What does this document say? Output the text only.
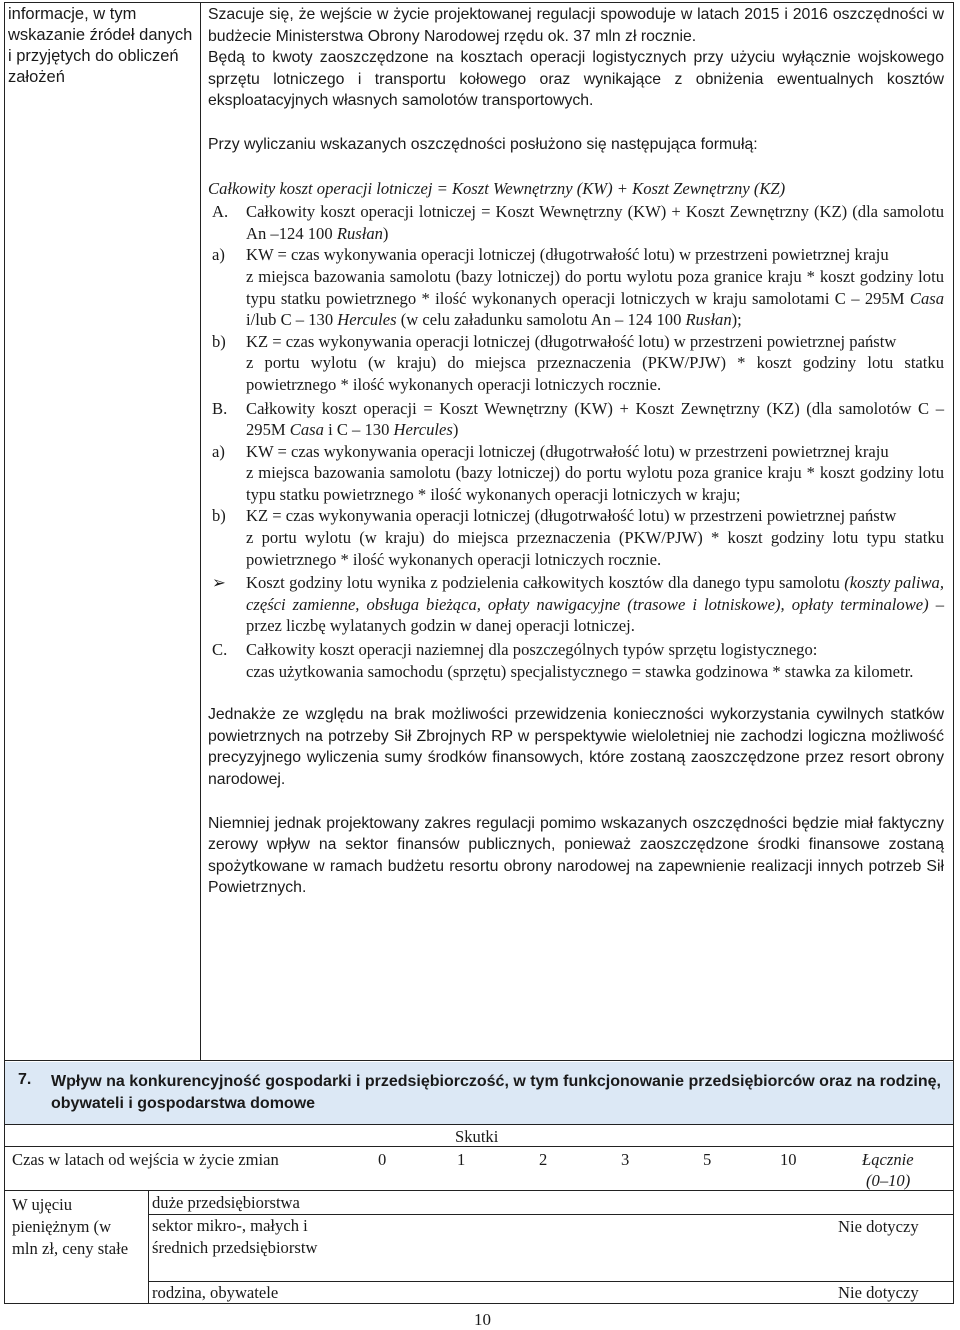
informacje, w tym wskazanie źródeł danych i przyjętych do obliczeń założeń

Szacuje się, że wejście w życie projektowanej regulacji spowoduje w latach 2015 i 2016 oszczędności w budżecie Ministerstwa Obrony Narodowej rzędu ok. 37 mln zł rocznie.

Będą to kwoty zaoszczędzone na kosztach operacji logistycznych przy użyciu wyłącznie wojskowego sprzętu lotniczego i transportu kołowego oraz wynikające z obniżenia ewentualnych kosztów eksploatacyjnych własnych samolotów transportowych.

Przy wyliczaniu wskazanych oszczędności posłużono się następująca formułą:

Całkowity koszt operacji lotniczej = Koszt Wewnętrzny (KW) + Koszt Zewnętrzny (KZ)

A.	Całkowity koszt operacji lotniczej = Koszt Wewnętrzny (KW) + Koszt Zewnętrzny (KZ) (dla samolotu An –124 100 Rusłan)
a)	KW = czas wykonywania operacji lotniczej (długotrwałość lotu) w przestrzeni powietrznej kraju
z miejsca bazowania samolotu (bazy lotniczej) do portu wylotu poza granice kraju * koszt godziny lotu typu statku powietrznego * ilość wykonanych operacji lotniczych w kraju samolotami C – 295M Casa i/lub C – 130 Hercules (w celu załadunku samolotu An – 124 100 Rusłan);
b)	KZ = czas wykonywania operacji lotniczej (długotrwałość lotu) w przestrzeni powietrznej państw
z portu wylotu (w kraju) do miejsca przeznaczenia (PKW/PJW) * koszt godziny lotu statku powietrznego * ilość wykonanych operacji lotniczych rocznie.
B.	Całkowity koszt operacji = Koszt Wewnętrzny (KW) + Koszt Zewnętrzny (KZ) (dla samolotów C – 295M Casa i C – 130 Hercules)
a)	KW = czas wykonywania operacji lotniczej (długotrwałość lotu) w przestrzeni powietrznej kraju
z miejsca bazowania samolotu (bazy lotniczej) do portu wylotu poza granice kraju * koszt godziny lotu typu statku powietrznego * ilość wykonanych operacji lotniczych w kraju;
b)	KZ = czas wykonywania operacji lotniczej (długotrwałość lotu) w przestrzeni powietrznej państw
z portu wylotu (w kraju) do miejsca przeznaczenia (PKW/PJW) * koszt godziny lotu typu statku powietrznego * ilość wykonanych operacji lotniczych rocznie.
➢	Koszt godziny lotu wynika z podzielenia całkowitych kosztów dla danego typu samolotu (koszty paliwa, części zamienne, obsługa bieżąca, opłaty nawigacyjne (trasowe i lotniskowe), opłaty terminalowe) – przez liczbę wylatanych godzin w danej operacji lotniczej.
C.	Całkowity koszt operacji naziemnej dla poszczególnych typów sprzętu logistycznego:
czas użytkowania samochodu (sprzętu) specjalistycznego = stawka godzinowa * stawka za kilometr.

Jednakże ze względu na brak możliwości przewidzenia konieczności wykorzystania cywilnych statków powietrznych na potrzeby Sił Zbrojnych RP w perspektywie wieloletniej nie zachodzi logiczna możliwość precyzyjnego wyliczenia sumy środków finansowych, które zostaną zaoszczędzone przez resort obrony narodowej.

Niemniej jednak projektowany zakres regulacji pomimo wskazanych oszczędności będzie miał faktyczny zerowy wpływ na sektor finansów publicznych, ponieważ zaoszczędzone środki finansowe zostaną spożytkowane w ramach budżetu resortu obrony narodowej na zapewnienie realizacji innych potrzeb Sił Powietrznych.

7. Wpływ na konkurencyjność gospodarki i przedsiębiorczość, w tym funkcjonowanie przedsiębiorców oraz na rodzinę, obywateli i gospodarstwa domowe
Skutki
Czas w latach od wejścia w życie zmian	0	1	2	3	5	10	Łącznie
(0–10)
W ujęciu pieniężnym (w mln zł, ceny stałe
duże przedsiębiorstwa
sektor mikro-, małych i średnich przedsiębiorstw
Nie dotyczy
rodzina, obywatele	Nie dotyczy
10
